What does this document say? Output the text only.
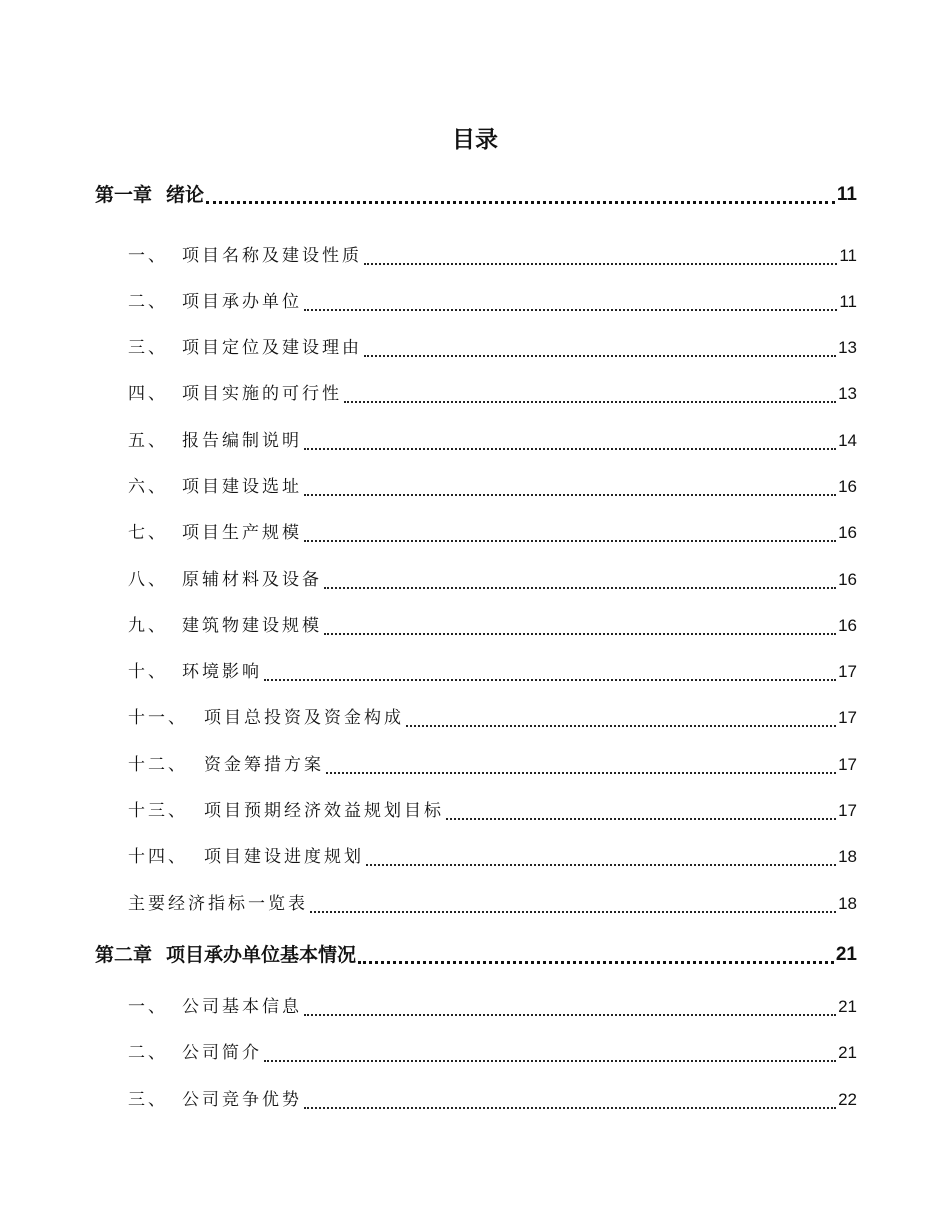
目录
第一章 绪论	11
一、 项目名称及建设性质	11
二、 项目承办单位	11
三、 项目定位及建设理由	13
四、 项目实施的可行性	13
五、 报告编制说明	14
六、 项目建设选址	16
七、 项目生产规模	16
八、 原辅材料及设备	16
九、 建筑物建设规模	16
十、 环境影响	17
十一、 项目总投资及资金构成	17
十二、 资金筹措方案	17
十三、 项目预期经济效益规划目标	17
十四、 项目建设进度规划	18
主要经济指标一览表	18
第二章 项目承办单位基本情况	21
一、 公司基本信息	21
二、 公司简介	21
三、 公司竞争优势	22
